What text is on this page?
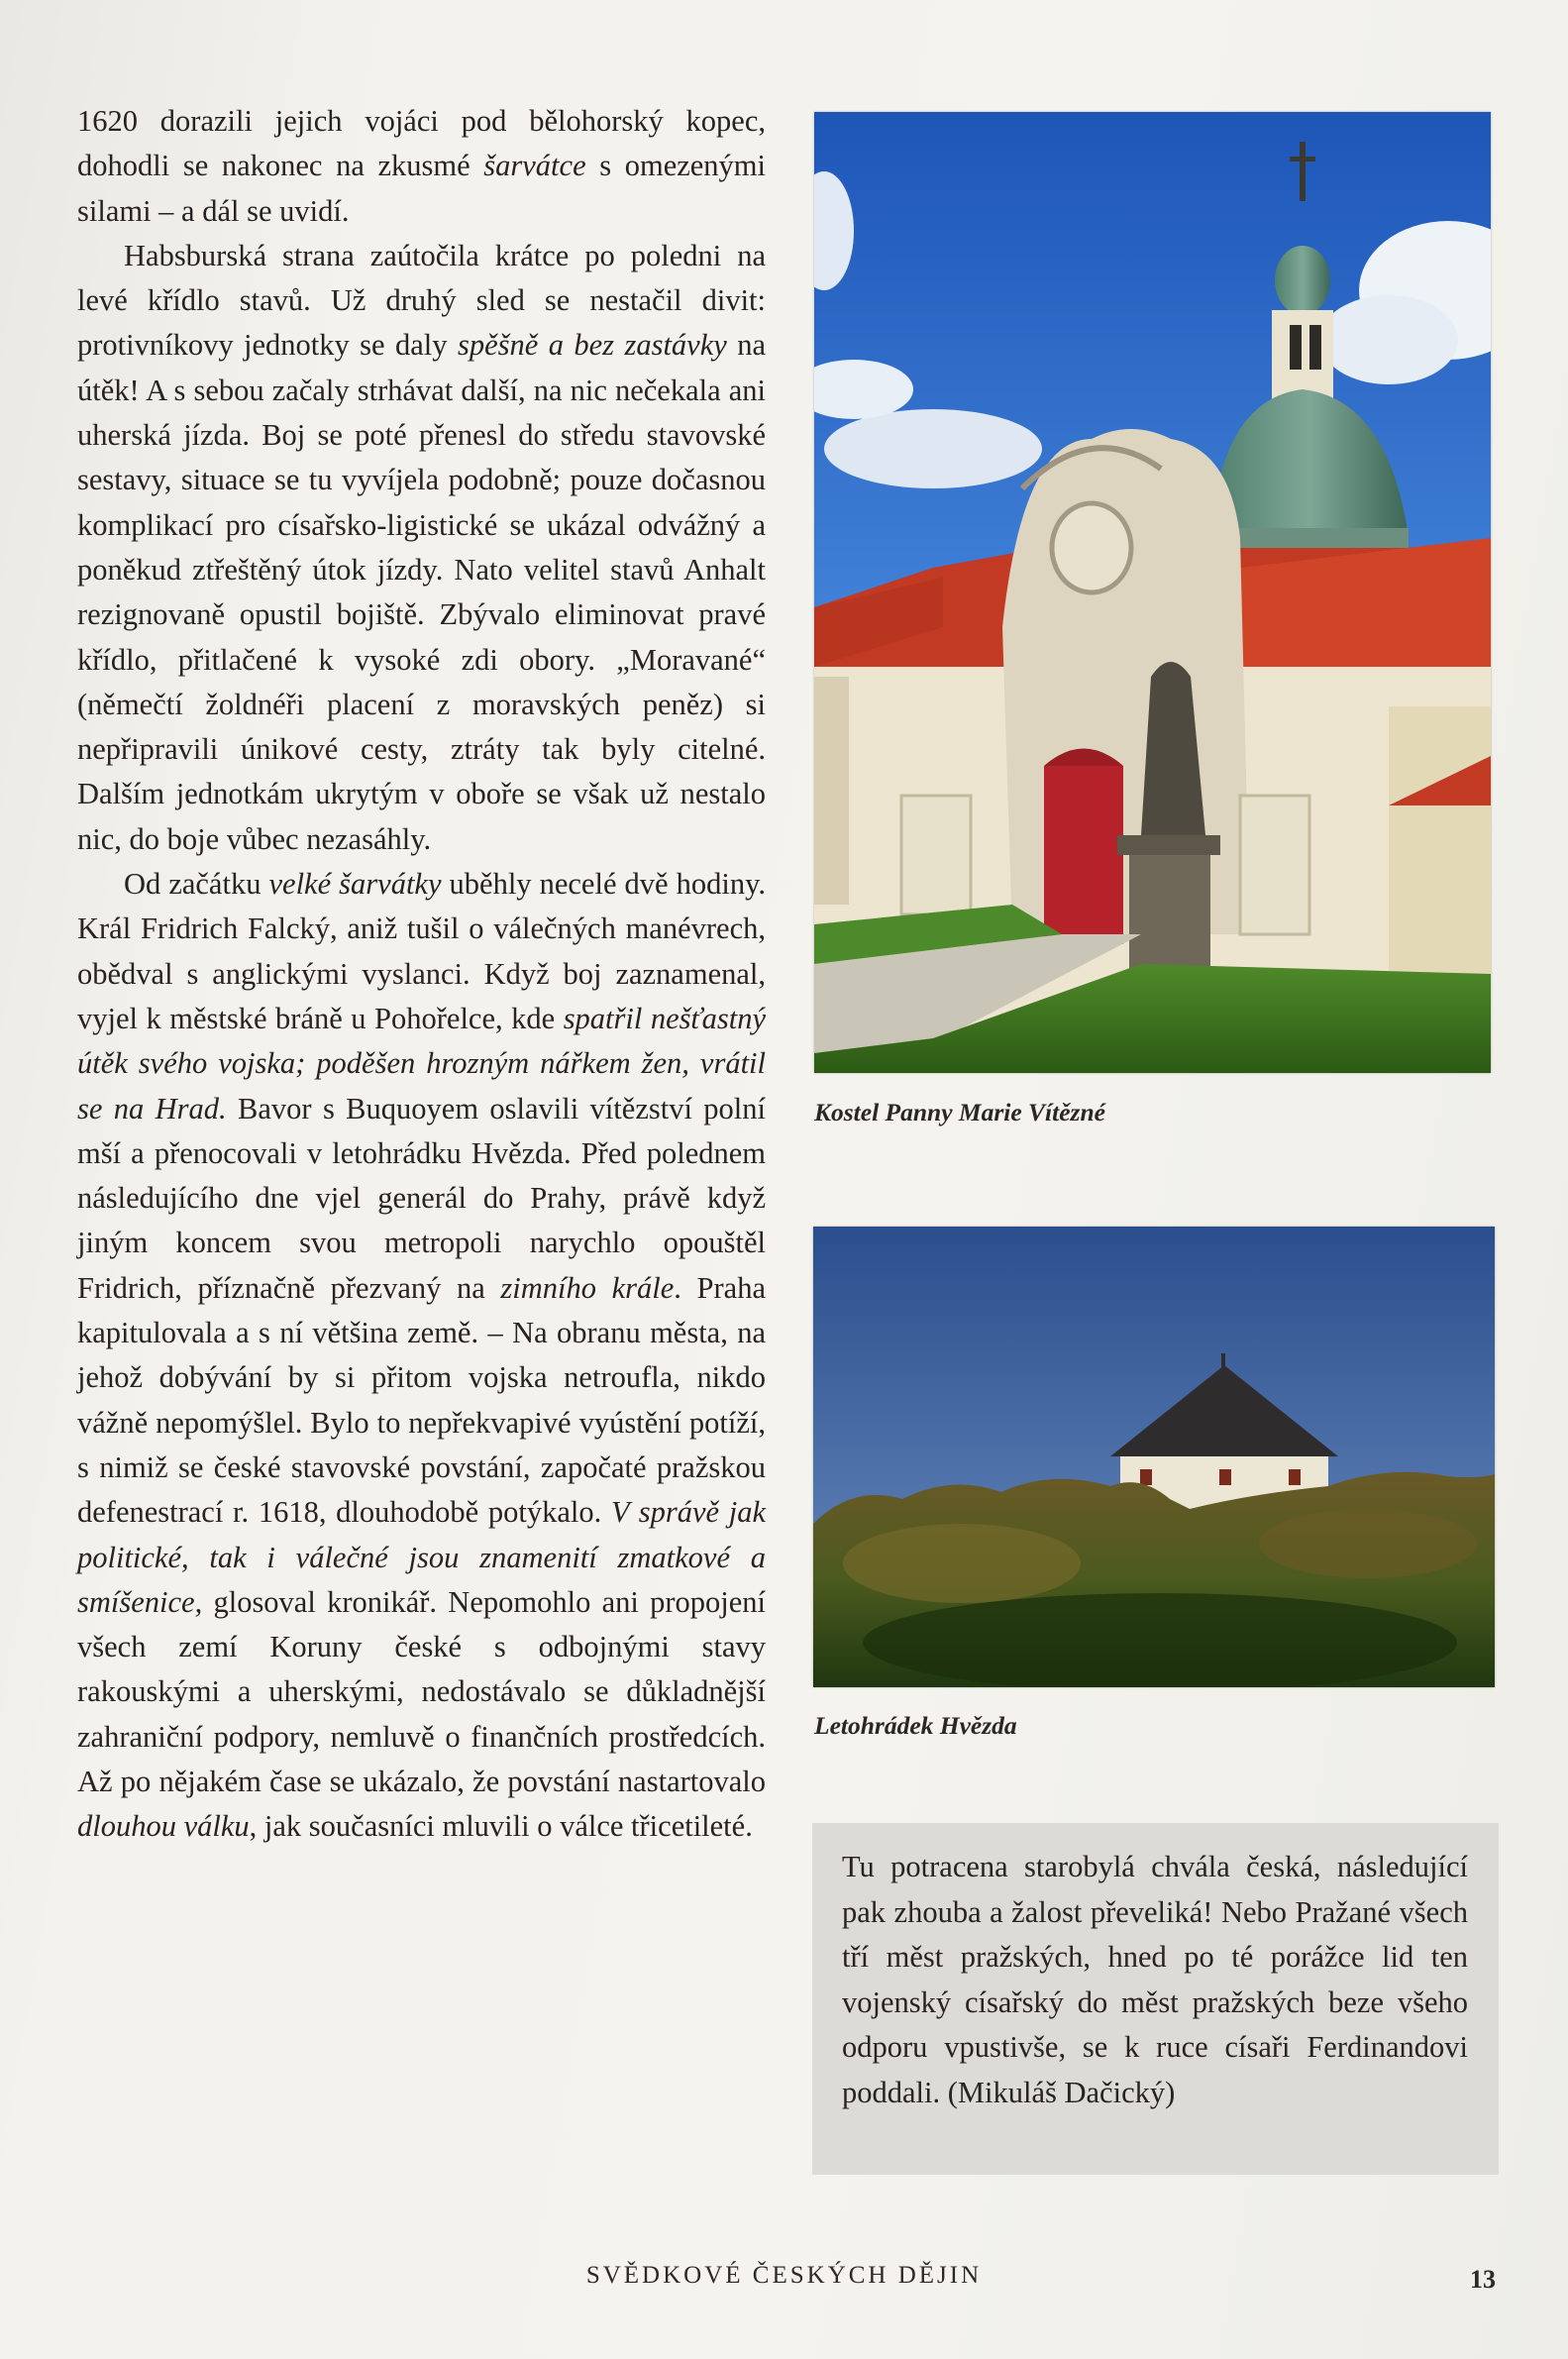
1620 dorazili jejich vojáci pod bělohorský kopec, dohodli se nakonec na zkusmé šarvátce s omezenými silami – a dál se uvidí.

Habsburská strana zaútočila krátce po poledni na levé křídlo stavů. Už druhý sled se nestačil divit: protivníkovy jednotky se daly spěšně a bez zastávky na útěk! A s sebou začaly strhávat další, na nic nečekala ani uherská jízda. Boj se poté přenesl do středu stavovské sestavy, situace se tu vyvíjela podobně; pouze dočasnou komplikací pro císařsko-ligistické se ukázal odvážný a poněkud ztřeštěný útok jízdy. Nato velitel stavů Anhalt rezignovaně opustil bojiště. Zbývalo eliminovat pravé křídlo, přitlačené k vysoké zdi obory. „Moravané“ (němečtí žoldnéři placení z moravských peněz) si nepřipravili únikové cesty, ztráty tak byly citelné. Dalším jednotkám ukrytým v oboře se však už nestalo nic, do boje vůbec nezasáhly.

Od začátku velké šarvátky uběhly necelé dvě hodiny. Král Fridrich Falcký, aniž tušil o válečných manévrech, obědval s anglickými vyslanci. Když boj zaznamenal, vyjel k městské bráně u Pohořelce, kde spatřil nešťastný útěk svého vojska; poděšen hrozným nářkem žen, vrátil se na Hrad. Bavor s Buquoyem oslavili vítězství polní mší a přenocovali v letohrádku Hvězda. Před polednem následujícího dne vjel generál do Prahy, právě když jiným koncem svou metropoli narychlo opouštěl Fridrich, příznačně přezvaný na zimního krále. Praha kapitulovala a s ní většina země. – Na obranu města, na jehož dobývání by si přitom vojska netroufla, nikdo vážně nepomýšlel. Bylo to nepřekvapivé vyústění potíží, s nimiž se české stavovské povstání, započaté pražskou defenestrací r. 1618, dlouhodobě potýkalo. V správě jak politické, tak i válečné jsou znamenití zmatkové a smíšenice, glosoval kronikář. Nepomohlo ani propojení všech zemí Koruny české s odbojnými stavy rakouskými a uherskými, nedostávalo se důkladnější zahraniční podpory, nemluvě o finančních prostředcích. Až po nějakém čase se ukázalo, že povstání nastartovalo dlouhou válku, jak současníci mluvili o válce třicetileté.

Kostel Panny Marie Vítězné
Letohrádek Hvězda

Tu potracena starobylá chvála česká, následující pak zhouba a žalost převeliká! Nebo Pražané všech tří měst pražských, hned po té porážce lid ten vojenský císařský do měst pražských beze všeho odporu vpustivše, se k ruce císaři Ferdinandovi poddali. (Mikuláš Dačický)

SVĚDKOVÉ ČESKÝCH DĚJIN	13
